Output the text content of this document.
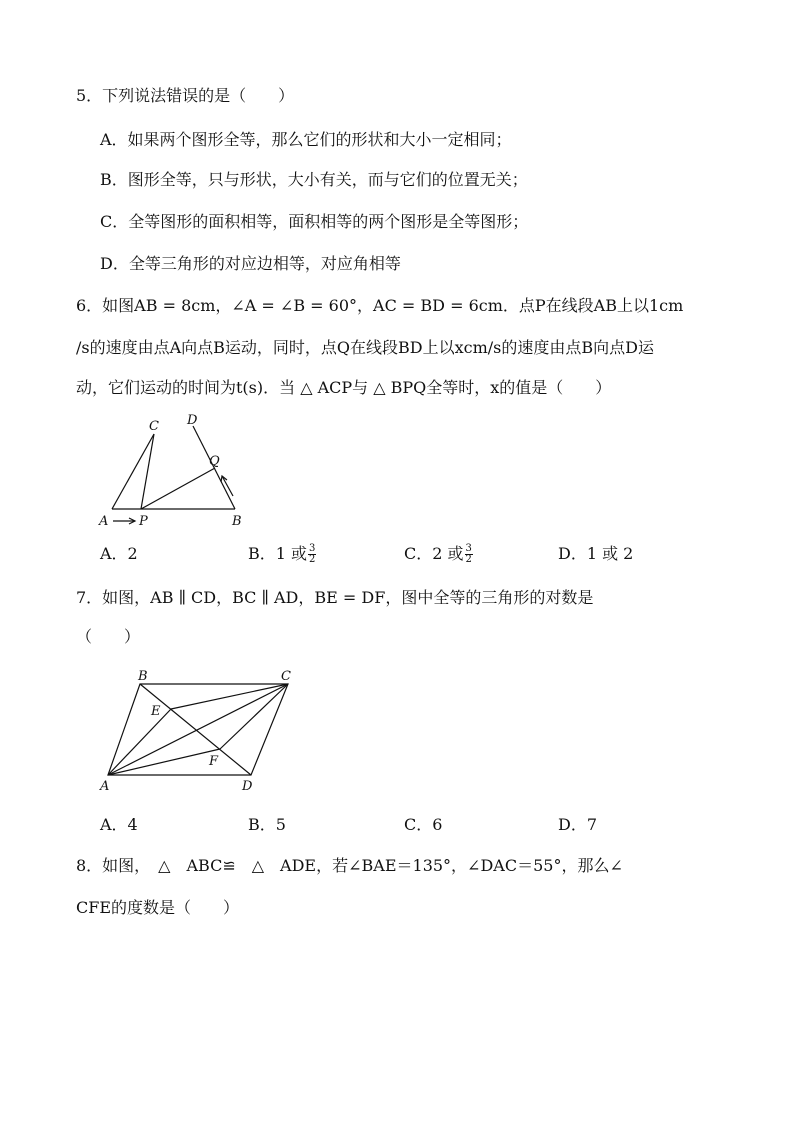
5．下列说法错误的是（　　）
A．如果两个图形全等，那么它们的形状和大小一定相同；
B．图形全等，只与形状，大小有关，而与它们的位置无关；
C．全等图形的面积相等，面积相等的两个图形是全等图形；
D．全等三角形的对应边相等，对应角相等
6．如图AB = 8cm，∠A = ∠B = 60°，AC = BD = 6cm．点P在线段AB上以1cm
/s的速度由点A向点B运动，同时，点Q在线段BD上以xcm/s的速度由点B向点D运
动，它们运动的时间为t(s)．当 △ ACP与 △ BPQ全等时，x的值是（　　）
C D
Q
A P	B
A．2	B．1 或 $\frac{3}{2}$	C．2 或 $\frac{3}{2}$	D．1 或 2
7．如图，AB ∥ CD，BC ∥ AD，BE = DF，图中全等的三角形的对数是
（　　）
B	C
E
F
A	D
A．4	B．5	C．6	D．7
8．如图，　△　ABC≌　△　ADE，若∠BAE＝135°，∠DAC＝55°，那么∠
CFE的度数是（　　）
